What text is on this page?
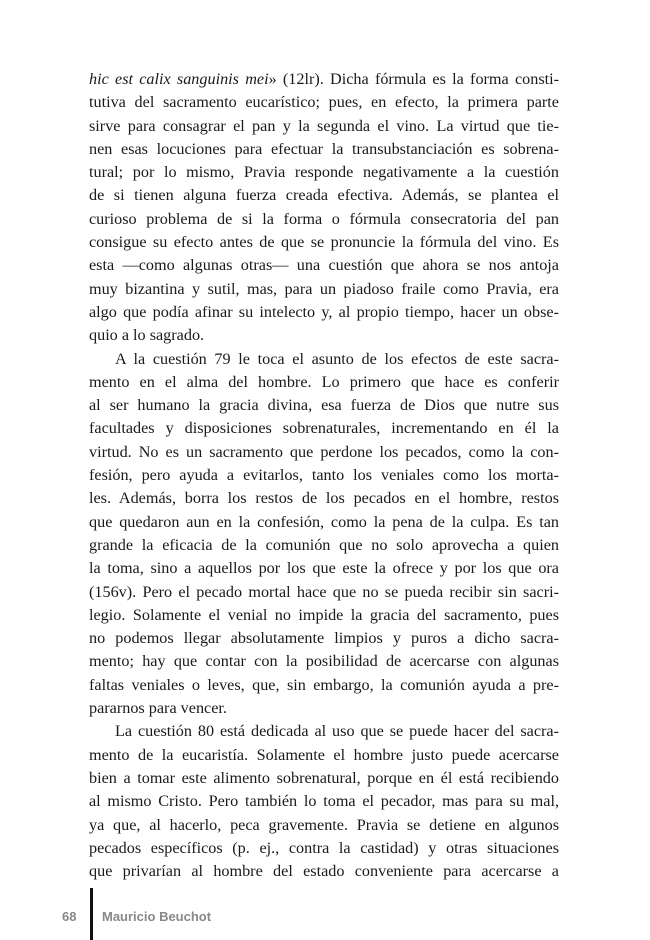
hic est calix sanguinis mei» (12lr). Dicha fórmula es la forma consti-
tutiva del sacramento eucarístico; pues, en efecto, la primera parte
sirve para consagrar el pan y la segunda el vino. La virtud que tie-
nen esas locuciones para efectuar la transubstanciación es sobrena-
tural; por lo mismo, Pravia responde negativamente a la cuestión
de si tienen alguna fuerza creada efectiva. Además, se plantea el
curioso problema de si la forma o fórmula consecratoria del pan
consigue su efecto antes de que se pronuncie la fórmula del vino. Es
esta —como algunas otras— una cuestión que ahora se nos antoja
muy bizantina y sutil, mas, para un piadoso fraile como Pravia, era
algo que podía afinar su intelecto y, al propio tiempo, hacer un obse-
quio a lo sagrado.
A la cuestión 79 le toca el asunto de los efectos de este sacra-
mento en el alma del hombre. Lo primero que hace es conferir
al ser humano la gracia divina, esa fuerza de Dios que nutre sus
facultades y disposiciones sobrenaturales, incrementando en él la
virtud. No es un sacramento que perdone los pecados, como la con-
fesión, pero ayuda a evitarlos, tanto los veniales como los morta-
les. Además, borra los restos de los pecados en el hombre, restos
que quedaron aun en la confesión, como la pena de la culpa. Es tan
grande la eficacia de la comunión que no solo aprovecha a quien
la toma, sino a aquellos por los que este la ofrece y por los que ora
(156v). Pero el pecado mortal hace que no se pueda recibir sin sacri-
legio. Solamente el venial no impide la gracia del sacramento, pues
no podemos llegar absolutamente limpios y puros a dicho sacra-
mento; hay que contar con la posibilidad de acercarse con algunas
faltas veniales o leves, que, sin embargo, la comunión ayuda a pre-
pararnos para vencer.
La cuestión 80 está dedicada al uso que se puede hacer del sacra-
mento de la eucaristía. Solamente el hombre justo puede acercarse
bien a tomar este alimento sobrenatural, porque en él está recibiendo
al mismo Cristo. Pero también lo toma el pecador, mas para su mal,
ya que, al hacerlo, peca gravemente. Pravia se detiene en algunos
pecados específicos (p. ej., contra la castidad) y otras situaciones
que privarían al hombre del estado conveniente para acercarse a
68 Mauricio Beuchot
